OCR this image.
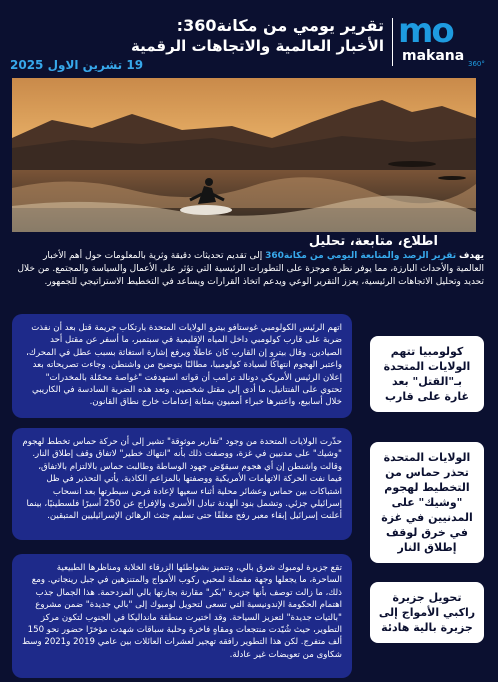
mo
makana 360°
تقرير يومي من مكانة360:
الأخبار العالمية والاتجاهات الرقمية
19 تشرين الاول 2025
اطلاع، متابعة، تحليل
يهدف تقرير الرصد والمتابعة اليومي من مكانة360 إلى تقديم تحديثات دقيقة وثرية بالمعلومات حول أهم الأخبار العالمية والأحداث البارزة، مما يوفر نظرة موجزة على التطورات الرئيسية التي تؤثر على الأعمال والسياسة والمجتمع. من خلال تحديد وتحليل الاتجاهات الرئيسية، يعزز التقرير الوعي ويدعم اتخاذ القرارات ويساعد في التخطيط الاستراتيجي للجمهور.
اتهم الرئيس الكولومبي غوستافو بيترو الولايات المتحدة بارتكاب جريمة قتل بعد أن نفذت ضربة على قارب كولومبي داخل المياه الإقليمية في سبتمبر، ما أسفر عن مقتل أحد الصيادين. وقال بيترو إن القارب كان عاطلًا ويرفع إشارة استغاثة بسبب عطل في المحرك، واعتبر الهجوم انتهاكًا لسيادة كولومبيا، مطالبًا بتوضيح من واشنطن. وجاءت تصريحاته بعد إعلان الرئيس الأمريكي دونالد ترامب أن قواته استهدفت "غواصة محمّلة بالمخدرات" تحتوي على الفنتانيل، ما أدى إلى مقتل شخصين. وتعد هذه الضربة السادسة في الكاريبي خلال أسابيع، واعتبرها خبراء أمميون بمثابة إعدامات خارج نطاق القانون.
كولومبيا تتهم الولايات المتحدة بـ"القتل" بعد غارة على قارب
حذّرت الولايات المتحدة من وجود "تقارير موثوقة" تشير إلى أن حركة حماس تخطط لهجوم "وشيك" على مدنيين في غزة، ووصفت ذلك بأنه "انتهاك خطير" لاتفاق وقف إطلاق النار. وقالت واشنطن إن أي هجوم سيقوّض جهود الوساطة وطالبت حماس بالالتزام بالاتفاق، فيما نفت الحركة الاتهامات الأمريكية ووصفتها بالمزاعم الكاذبة. يأتي التحذير في ظل اشتباكات بين حماس وعشائر محلية أثناء سعيها لإعادة فرض سيطرتها بعد انسحاب إسرائيلي جزئي. وتشمل بنود الهدنة تبادل الأسرى والإفراج عن 250 أسيرًا فلسطينيًا، بينما أعلنت إسرائيل إبقاء معبر رفح مغلقًا حتى تسليم جثث الرهائن الإسرائيليين المتبقين.
الولايات المتحدة تحذر حماس من التخطيط لهجوم "وشيك" على المدنيين في غزة في خرق لوقف إطلاق النار
تقع جزيرة لومبوك شرق بالي، وتتميز بشواطئها الزرقاء الخلابة ومناظرها الطبيعية الساحرة، ما يجعلها وجهة مفضلة لمحبي ركوب الأمواج والمتنزهين في جبل رينجاني. ومع ذلك، ما زالت توصف بأنها جزيرة "بكر" مقارنة بجارتها بالي المزدحمة. هذا الجمال جذب اهتمام الحكومة الإندونيسية التي تسعى لتحويل لومبوك إلى "بالي جديدة" ضمن مشروع "بالتيات جديدة" لتعزيز السياحة. وقد اختيرت منطقة ماندالیکا في الجنوب لتكون مركز التطوير، حيث شُيّدت منتجعات ومقاهٍ فاخرة وحلبة سباقات شهدت مؤخرًا حضور نحو 150 ألف متفرج. لكن هذا التطوير رافقه تهجير لعشرات العائلات بين عامي 2019 و2021 وسط شكاوى من تعويضات غير عادلة.
تحويل جزيرة راكبي الأمواج إلى جزيرة بالية هادئة
